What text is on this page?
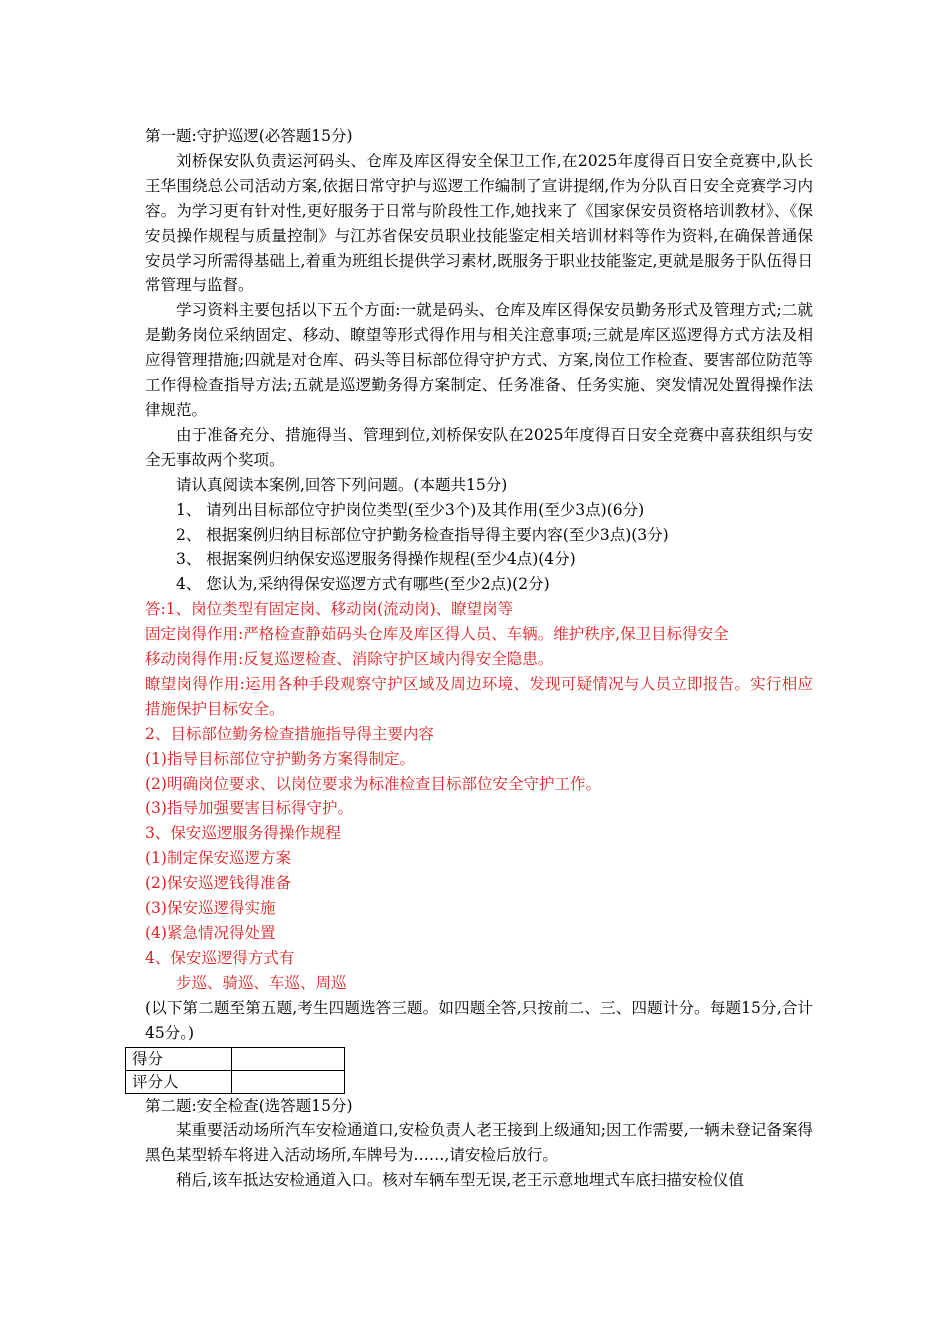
第一题:守护巡逻(必答题15分)

刘桥保安队负责运河码头、仓库及库区得安全保卫工作,在2025年度得百日安全竞赛中,队长王华围绕总公司活动方案,依据日常守护与巡逻工作编制了宣讲提纲,作为分队百日安全竞赛学习内容。为学习更有针对性,更好服务于日常与阶段性工作,她找来了《国家保安员资格培训教材》、《保安员操作规程与质量控制》与江苏省保安员职业技能鉴定相关培训材料等作为资料,在确保普通保安员学习所需得基础上,着重为班组长提供学习素材,既服务于职业技能鉴定,更就是服务于队伍得日常管理与监督。

学习资料主要包括以下五个方面:一就是码头、仓库及库区得保安员勤务形式及管理方式;二就是勤务岗位采纳固定、移动、瞭望等形式得作用与相关注意事项;三就是库区巡逻得方式方法及相应得管理措施;四就是对仓库、码头等目标部位得守护方式、方案,岗位工作检查、要害部位防范等工作得检查指导方法;五就是巡逻勤务得方案制定、任务准备、任务实施、突发情况处置得操作法律规范。

由于准备充分、措施得当、管理到位,刘桥保安队在2025年度得百日安全竞赛中喜获组织与安全无事故两个奖项。

请认真阅读本案例,回答下列问题。(本题共15分)

1、 请列出目标部位守护岗位类型(至少3个)及其作用(至少3点)(6分)

2、 根据案例归纳目标部位守护勤务检查指导得主要内容(至少3点)(3分)

3、 根据案例归纳保安巡逻服务得操作规程(至少4点)(4分)

4、 您认为,采纳得保安巡逻方式有哪些(至少2点)(2分)

答:1、岗位类型有固定岗、移动岗(流动岗)、瞭望岗等

固定岗得作用:严格检查静茹码头仓库及库区得人员、车辆。维护秩序,保卫目标得安全

移动岗得作用:反复巡逻检查、消除守护区域内得安全隐患。

瞭望岗得作用:运用各种手段观察守护区域及周边环境、发现可疑情况与人员立即报告。实行相应措施保护目标安全。

2、目标部位勤务检查措施指导得主要内容

(1)指导目标部位守护勤务方案得制定。

(2)明确岗位要求、以岗位要求为标准检查目标部位安全守护工作。

(3)指导加强要害目标得守护。

3、保安巡逻服务得操作规程

(1)制定保安巡逻方案

(2)保安巡逻钱得准备

(3)保安巡逻得实施

(4)紧急情况得处置

4、保安巡逻得方式有

步巡、骑巡、车巡、周巡

(以下第二题至第五题,考生四题选答三题。如四题全答,只按前二、三、四题计分。每题15分,合计45分。)

得分	
评分人	

第二题:安全检查(选答题15分)

某重要活动场所汽车安检通道口,安检负责人老王接到上级通知;因工作需要,一辆未登记备案得黑色某型轿车将进入活动场所,车牌号为……,请安检后放行。

稍后,该车抵达安检通道入口。核对车辆车型无误,老王示意地埋式车底扫描安检仪值
